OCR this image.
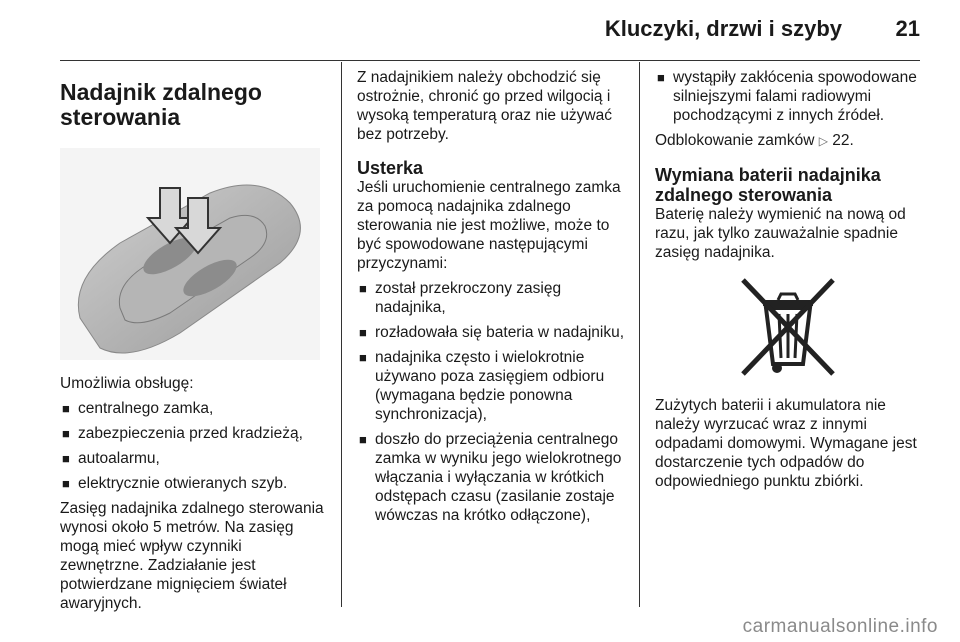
Kluczyki, drzwi i szyby 21
Nadajnik zdalnego sterowania

Umożliwia obsługę:

■ centralnego zamka,
■ zabezpieczenia przed kradzieżą,
■ autoalarmu,
■ elektrycznie otwieranych szyb.

Zasięg nadajnika zdalnego sterowania wynosi około 5 metrów. Na zasięg mogą mieć wpływ czynniki zewnętrzne. Zadziałanie jest potwierdzane mignięciem świateł awaryjnych.

Z nadajnikiem należy obchodzić się ostrożnie, chronić go przed wilgocią i wysoką temperaturą oraz nie używać bez potrzeby.

Usterka

Jeśli uruchomienie centralnego zamka za pomocą nadajnika zdalnego sterowania nie jest możliwe, może to być spowodowane następującymi przyczynami:

■ został przekroczony zasięg nadajnika,
■ rozładowała się bateria w nadajniku,
■ nadajnika często i wielokrotnie używano poza zasięgiem odbioru (wymagana będzie ponowna synchronizacja),
■ doszło do przeciążenia centralnego zamka w wyniku jego wielokrotnego włączania i wyłączania w krótkich odstępach czasu (zasilanie zostaje wówczas na krótko odłączone),
■ wystąpiły zakłócenia spowodowane silniejszymi falami radiowymi pochodzącymi z innych źródeł.

Odblokowanie zamków ▷ 22.

Wymiana baterii nadajnika zdalnego sterowania

Baterię należy wymienić na nową od razu, jak tylko zauważalnie spadnie zasięg nadajnika.

Zużytych baterii i akumulatora nie należy wyrzucać wraz z innymi odpadami domowymi. Wymagane jest dostarczenie tych odpadów do odpowiedniego punktu zbiórki.

carmanualsonline.info
